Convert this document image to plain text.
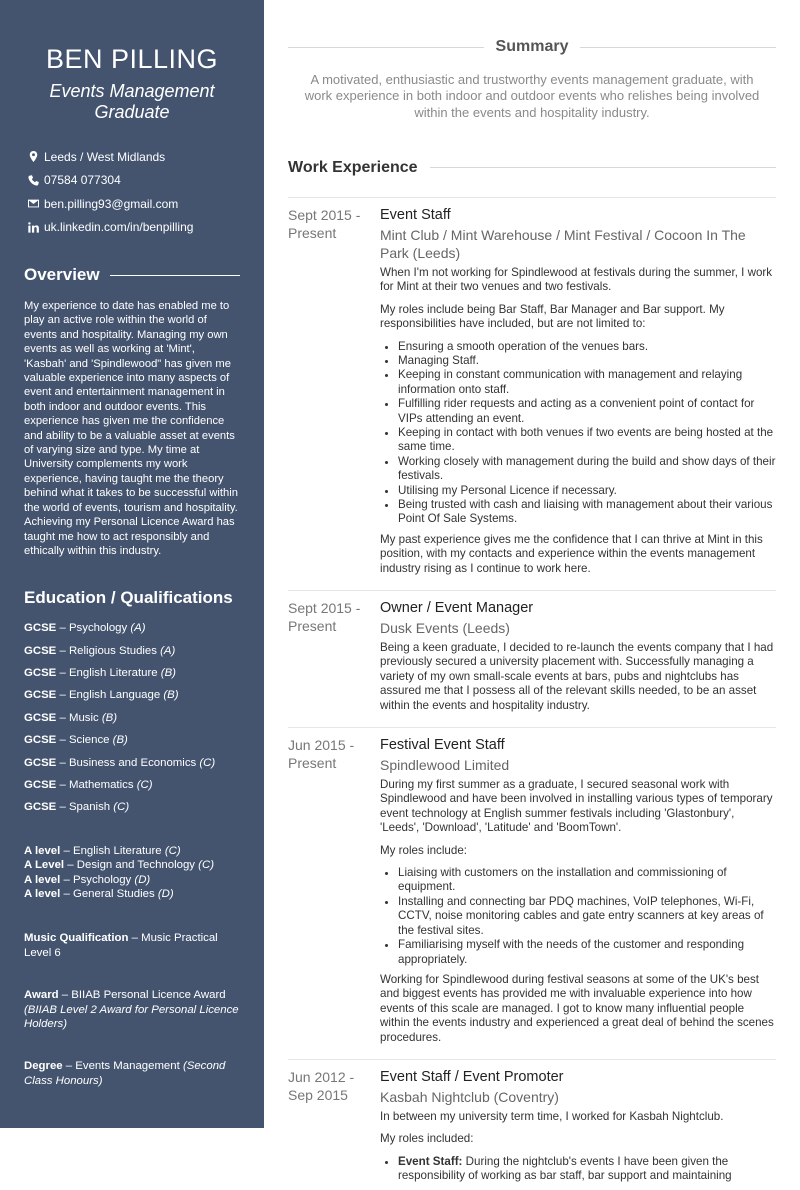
BEN PILLING
Events Management Graduate
Leeds / West Midlands
07584 077304
ben.pilling93@gmail.com
uk.linkedin.com/in/benpilling
Overview

My experience to date has enabled me to play an active role within the world of events and hospitality. Managing my own events as well as working at 'Mint', 'Kasbah' and 'Spindlewood" has given me valuable experience into many aspects of event and entertainment management in both indoor and outdoor events. This experience has given me the confidence and ability to be a valuable asset at events of varying size and type. My time at University complements my work experience, having taught me the theory behind what it takes to be successful within the world of events, tourism and hospitality. Achieving my Personal Licence Award has taught me how to act responsibly and ethically within this industry.

Education / Qualifications
GCSE – Psychology (A)
GCSE – Religious Studies (A)
GCSE – English Literature (B)
GCSE – English Language (B)
GCSE – Music (B)
GCSE – Science (B)
GCSE – Business and Economics (C)
GCSE – Mathematics (C)
GCSE – Spanish (C)
A level – English Literature (C)
A Level – Design and Technology (C)
A level – Psychology (D)
A level – General Studies (D)
Music Qualification – Music Practical Level 6
Award – BIIAB Personal Licence Award (BIIAB Level 2 Award for Personal Licence Holders)
Degree – Events Management (Second Class Honours)
Summary

A motivated, enthusiastic and trustworthy events management graduate, with work experience in both indoor and outdoor events who relishes being involved within the events and hospitality industry.

Work Experience
Sept 2015 -
Present
Event Staff
Mint Club / Mint Warehouse / Mint Festival / Cocoon In The Park (Leeds)

When I'm not working for Spindlewood at festivals during the summer, I work for Mint at their two venues and two festivals.

My roles include being Bar Staff, Bar Manager and Bar support. My responsibilities have included, but are not limited to:

• Ensuring a smooth operation of the venues bars.
• Managing Staff.
• Keeping in constant communication with management and relaying information onto staff.
• Fulfilling rider requests and acting as a convenient point of contact for VIPs attending an event.
• Keeping in contact with both venues if two events are being hosted at the same time.
• Working closely with management during the build and show days of their festivals.
• Utilising my Personal Licence if necessary.
• Being trusted with cash and liaising with management about their various Point Of Sale Systems.

My past experience gives me the confidence that I can thrive at Mint in this position, with my contacts and experience within the events management industry rising as I continue to work here.

Sept 2015 -
Present
Owner / Event Manager
Dusk Events (Leeds)

Being a keen graduate, I decided to re-launch the events company that I had previously secured a university placement with. Successfully managing a variety of my own small-scale events at bars, pubs and nightclubs has assured me that I possess all of the relevant skills needed, to be an asset within the events and hospitality industry.

Jun 2015 -
Present
Festival Event Staff
Spindlewood Limited

During my first summer as a graduate, I secured seasonal work with Spindlewood and have been involved in installing various types of temporary event technology at English summer festivals including 'Glastonbury', 'Leeds', 'Download', 'Latitude' and 'BoomTown'.

My roles include:

• Liaising with customers on the installation and commissioning of equipment.
• Installing and connecting bar PDQ machines, VoIP telephones, Wi-Fi, CCTV, noise monitoring cables and gate entry scanners at key areas of the festival sites.
• Familiarising myself with the needs of the customer and responding appropriately.

Working for Spindlewood during festival seasons at some of the UK's best and biggest events has provided me with invaluable experience into how events of this scale are managed. I got to know many influential people within the events industry and experienced a great deal of behind the scenes procedures.

Jun 2012 -
Sep 2015
Event Staff / Event Promoter
Kasbah Nightclub (Coventry)

In between my university term time, I worked for Kasbah Nightclub.

My roles included:

• Event Staff: During the nightclub's events I have been given the responsibility of working as bar staff, bar support and maintaining
